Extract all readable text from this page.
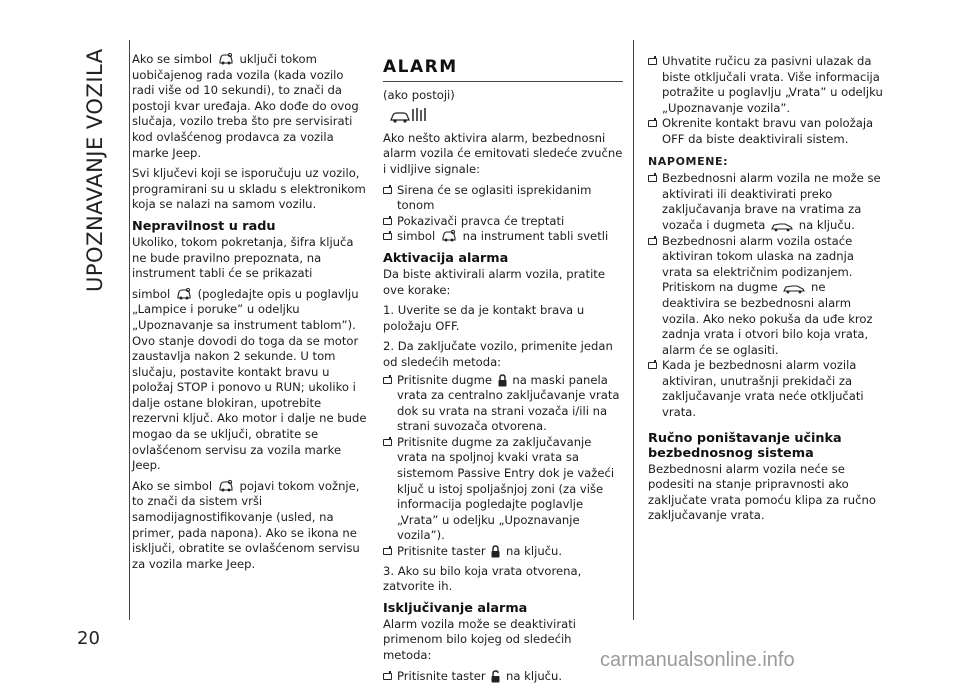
UPOZNAVANJE VOZILA
20

Ako se simbol uključi tokom uobičajenog rada vozila (kada vozilo radi više od 10 sekundi), to znači da postoji kvar uređaja. Ako dođe do ovog slučaja, vozilo treba što pre servisirati kod ovlašćenog prodavca za vozila marke Jeep.

Svi ključevi koji se isporučuju uz vozilo, programirani su u skladu s elektronikom koja se nalazi na samom vozilu.

Nepravilnost u radu

Ukoliko, tokom pokretanja, šifra ključa ne bude pravilno prepoznata, na instrument tabli će se prikazati

simbol (pogledajte opis u poglavlju „Lampice i poruke” u odeljku „Upoznavanje sa instrument tablom”). Ovo stanje dovodi do toga da se motor zaustavlja nakon 2 sekunde. U tom slučaju, postavite kontakt bravu u položaj STOP i ponovo u RUN; ukoliko i dalje ostane blokiran, upotrebite rezervni ključ. Ako motor i dalje ne bude mogao da se uključi, obratite se ovlašćenom servisu za vozila marke Jeep.

Ako se simbol pojavi tokom vožnje, to znači da sistem vrši samodijagnostifikovanje (usled, na primer, pada napona). Ako se ikona ne isključi, obratite se ovlašćenom servisu za vozila marke Jeep.

ALARM

(ako postoji)

Ako nešto aktivira alarm, bezbednosni alarm vozila će emitovati sledeće zvučne i vidljive signale:

Sirena će se oglasiti isprekidanim tonom
Pokazivači pravca će treptati
simbol na instrument tabli svetli
Aktivacija alarma

Da biste aktivirali alarm vozila, pratite ove korake:

1. Uverite se da je kontakt brava u položaju OFF.

2. Da zaključate vozilo, primenite jedan od sledećih metoda:

Pritisnite dugme na maski panela vrata za centralno zaključavanje vrata dok su vrata na strani vozača i/ili na strani suvozača otvorena.
Pritisnite dugme za zaključavanje vrata na spoljnoj kvaki vrata sa sistemom Passive Entry dok je važeći ključ u istoj spoljašnjoj zoni (za više informacija pogledajte poglavlje „Vrata” u odeljku „Upoznavanje vozila”).
Pritisnite taster na ključu.

3. Ako su bilo koja vrata otvorena, zatvorite ih.

Isključivanje alarma

Alarm vozila može se deaktivirati primenom bilo kojeg od sledećih metoda:

Pritisnite taster na ključu.
Uhvatite ručicu za pasivni ulazak da biste otključali vrata. Više informacija potražite u poglavlju „Vrata” u odeljku „Upoznavanje vozila”.
Okrenite kontakt bravu van položaja OFF da biste deaktivirali sistem.
NAPOMENE:
Bezbednosni alarm vozila ne može se aktivirati ili deaktivirati preko zaključavanja brave na vratima za vozača i dugmeta	na ključu.
Bezbednosni alarm vozila ostaće aktiviran tokom ulaska na zadnja vrata sa električnim podizanjem. Pritiskom na dugme	ne deaktivira se bezbednosni alarm vozila. Ako neko pokuša da uđe kroz zadnja vrata i otvori bilo koja vrata, alarm će se oglasiti.
Kada je bezbednosni alarm vozila aktiviran, unutrašnji prekidači za zaključavanje vrata neće otključati vrata.
Ručno poništavanje učinka bezbednosnog sistema

Bezbednosni alarm vozila neće se podesiti na stanje pripravnosti ako zaključate vrata pomoću klipa za ručno zaključavanje vrata.

carmanualsonline.info
